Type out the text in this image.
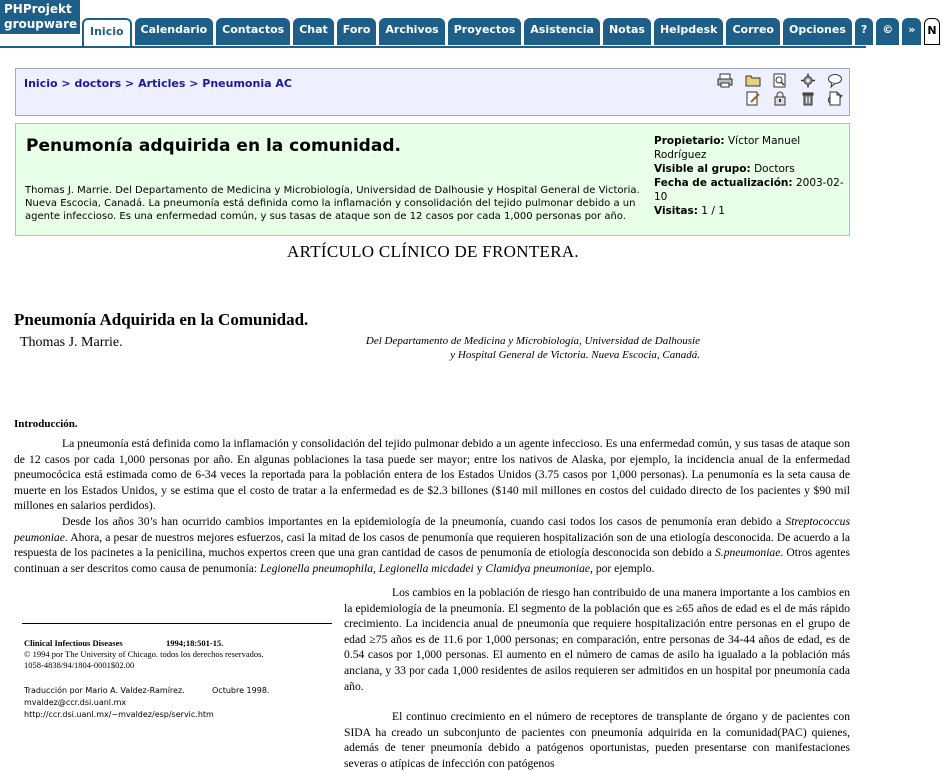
PHProjekt
groupware
Inicio	Calendario	Contactos	Chat	Foro	Archivos	Proyectos	Asistencia	Notas	Helpdesk	Correo	Opciones	?	©	»	N
Inicio > doctors > Articles > Pneumonia AC

Penumonía adquirida en la comunidad.
Thomas J. Marrie. Del Departamento de Medicina y Microbiología, Universidad de Dalhousie y Hospital General de Victoria. Nueva Escocia, Canadá. La pneumonía está definida como la inflamación y consolidación del tejido pulmonar debido a un agente infeccioso. Es una enfermedad común, y sus tasas de ataque son de 12 casos por cada 1,000 personas por año.
Propietario: Víctor Manuel Rodríguez
Visible al grupo: Doctors
Fecha de actualización: 2003-02-10
Visitas: 1 / 1
ARTÍCULO CLÍNICO DE FRONTERA.
Pneumonía Adquirida en la Comunidad.
Thomas J. Marrie.	Del Departamento de Medicina y Microbiología, Universidad de Dalhousie y Hospital General de Victoria. Nueva Escocia, Canadá.
Introducción.
La pneumonía está definida como la inflamación y consolidación del tejido pulmonar debido a un agente infeccioso. Es una enfermedad común, y sus tasas de ataque son de 12 casos por cada 1,000 personas por año. En algunas poblaciones la tasa puede ser mayor; entre los nativos de Alaska, por ejemplo, la incidencia anual de la enfermedad pneumocócica está estimada como de 6-34 veces la reportada para la población entera de los Estados Unidos (3.75 casos por 1,000 personas). La penumonía es la seta causa de muerte en los Estados Unidos, y se estima que el costo de tratar a la enfermedad es de $2.3 billones ($140 mil millones en costos del cuidado directo de los pacientes y $90 mil millones en salarios perdidos).
Desde los años 30’s han ocurrido cambios importantes en la epidemiología de la pneumonía, cuando casi todos los casos de penumonía eran debido a Streptococcus peumoniae. Ahora, a pesar de nuestros mejores esfuerzos, casi la mitad de los casos de penumonía que requieren hospitalización son de una etiología desconocida. De acuerdo a la respuesta de los pacinetes a la penicilina, muchos expertos creen que una gran cantidad de casos de penumonía de etiología desconocida son debido a S.pneumoniae. Otros agentes continuan a ser descritos como causa de penumonía: Legionella pneumophila, Legionella micdadei y Clamidya pneumoniae, por ejemplo.
Los cambios en la población de riesgo han contribuido de una manera importante a los cambios en la epidemiología de la pneumonía. El segmento de la población que es ≥65 años de edad es el de más rápido crecimiento. La incidencia anual de pneumonía que requiere hospitalización entre personas en el grupo de edad ≥75 años es de 11.6 por 1,000 personas; en comparación, entre personas de 34-44 años de edad, es de 0.54 casos por 1,000 personas. El aumento en el número de camas de asilo ha igualado a la población más anciana, y 33 por cada 1,000 residentes de asilos requieren ser admitidos en un hospital por pneumonía cada año.
El continuo crecimiento en el número de receptores de transplante de órgano y de pacientes con SIDA ha creado un subconjunto de pacientes con pneumonía adquirida en la comunidad(PAC) quienes, además de tener pneumonía debido a patógenos oportunistas, pueden presentarse con manifestaciones severas o atípicas de infección con patógenos
Clinical Infectious Diseases	1994;18:501-15.
© 1994 por The University of Chicago. todos los derechos reservados.
1058-4838/94/1804-0001$02.00
Traducción por Mario A. Valdez-Ramírez.	Octubre 1998.
mvaldez@ccr.dsi.uanl.mx
http://ccr.dsi.uanl.mx/~mvaldez/esp/servic.htm
